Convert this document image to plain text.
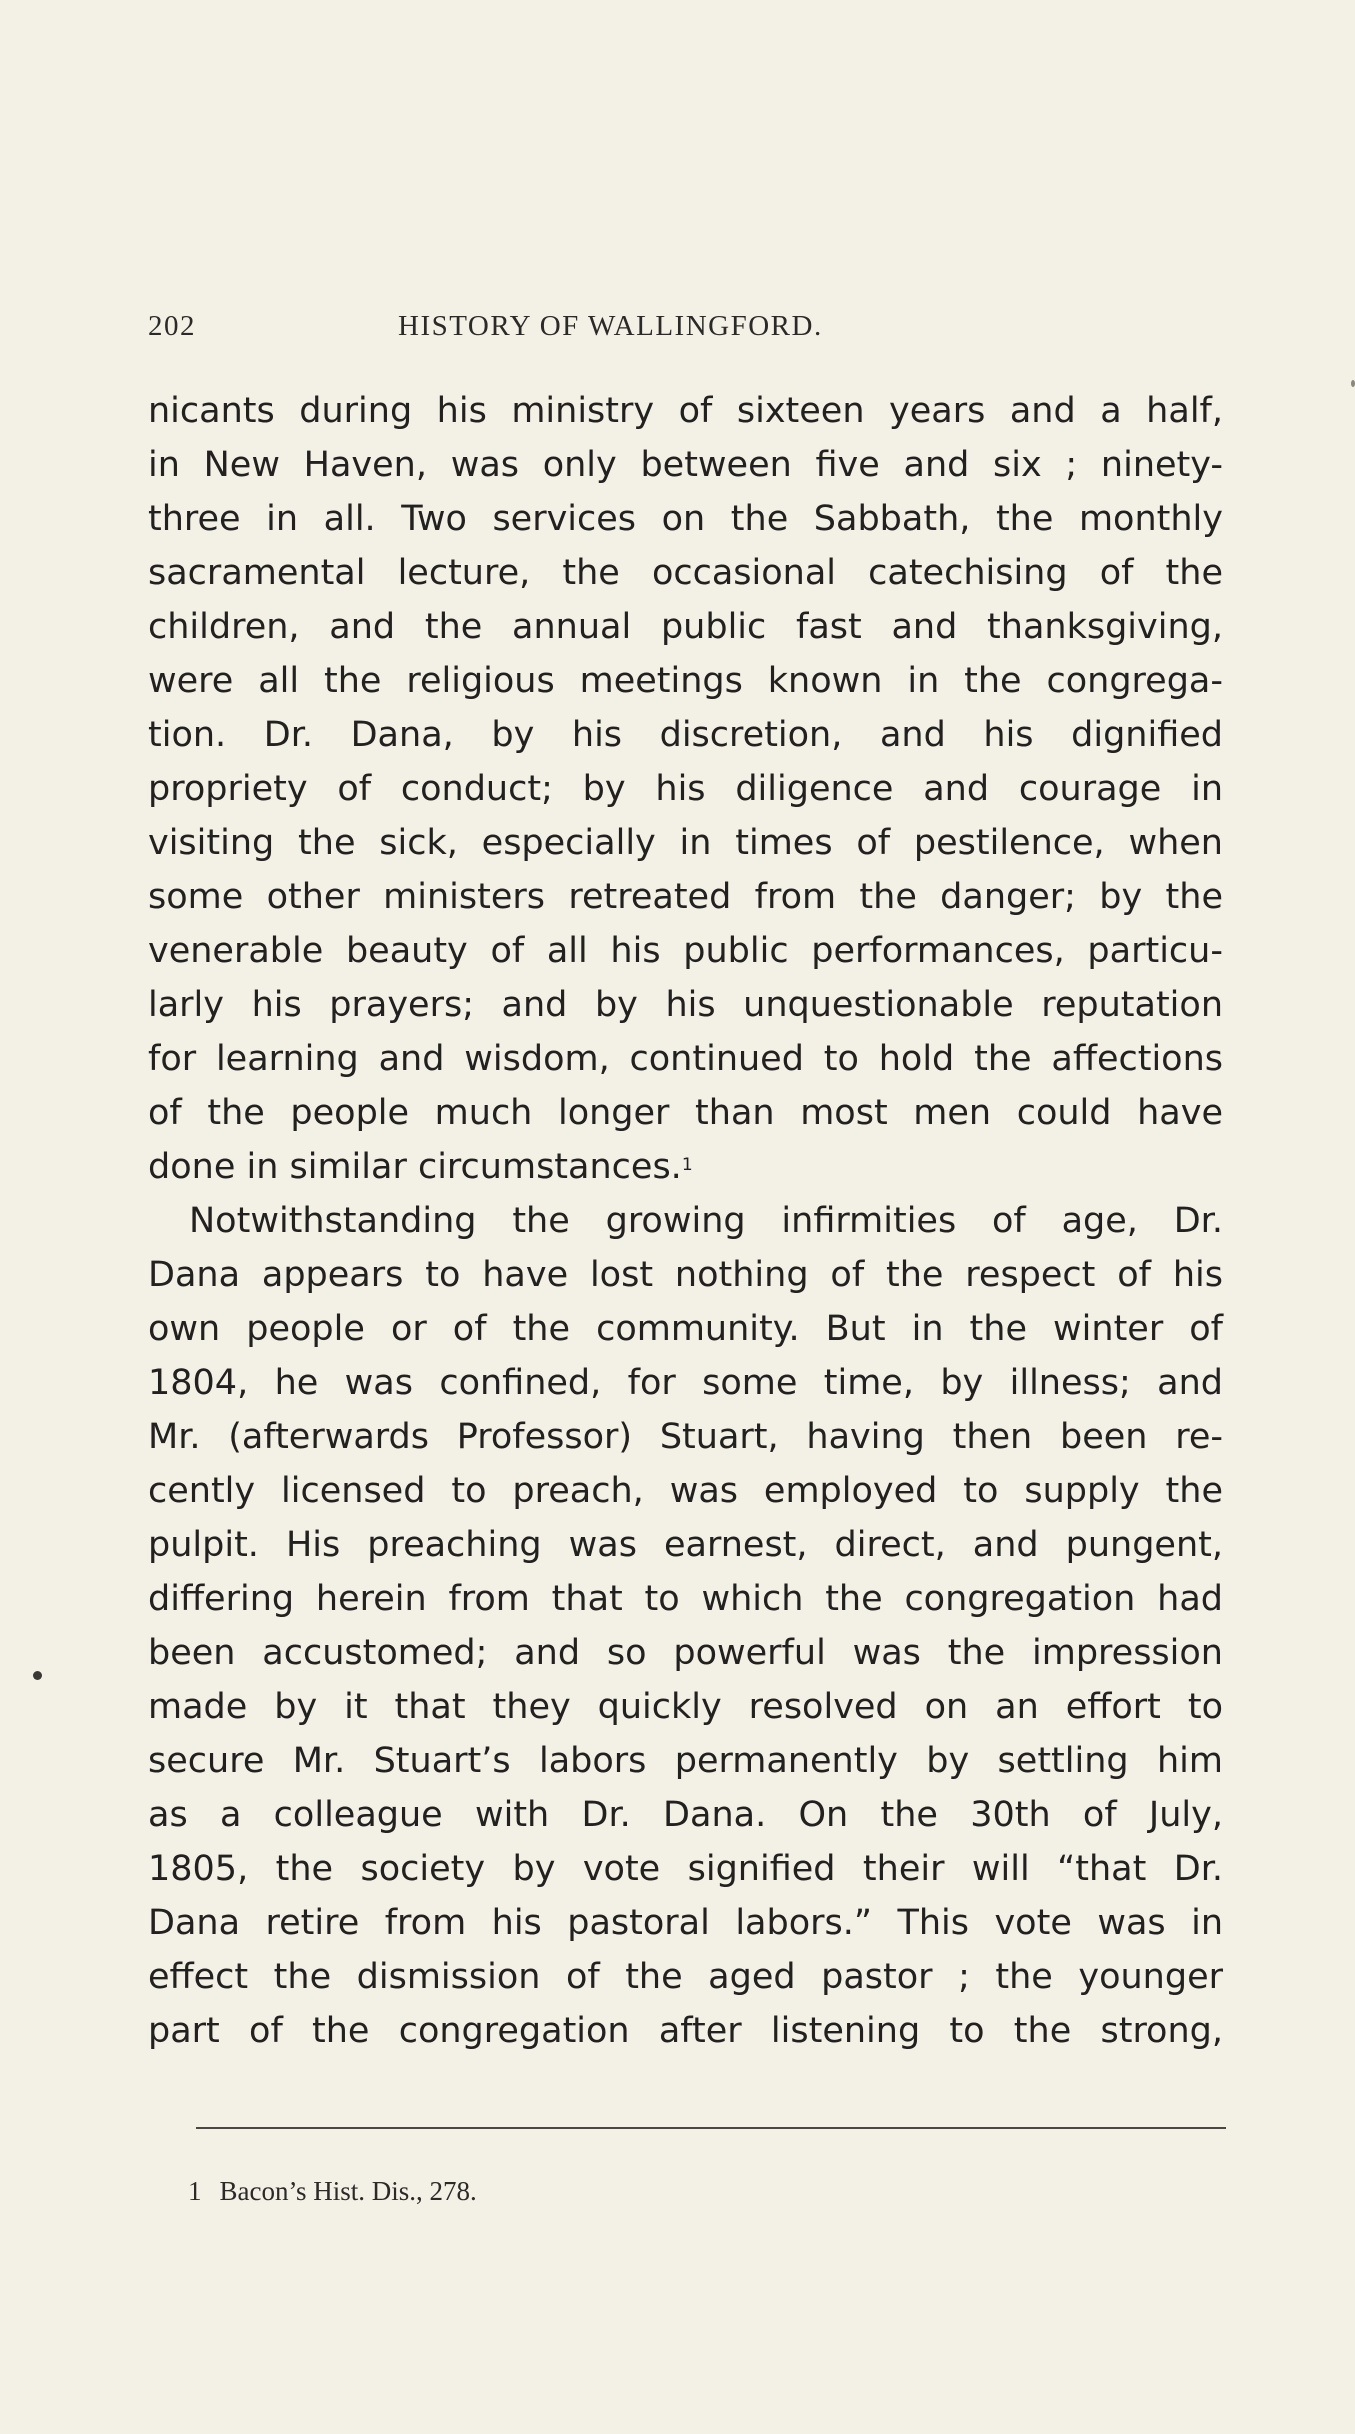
202	HISTORY OF WALLINGFORD.
nicants during his ministry of sixteen years and a half,
in New Haven, was only between five and six ; ninety-
three in all. Two services on the Sabbath, the monthly
sacramental lecture, the occasional catechising of the
children, and the annual public fast and thanksgiving,
were all the religious meetings known in the congrega-
tion. Dr. Dana, by his discretion, and his dignified
propriety of conduct; by his diligence and courage in
visiting the sick, especially in times of pestilence, when
some other ministers retreated from the danger; by the
venerable beauty of all his public performances, particu-
larly his prayers; and by his unquestionable reputation
for learning and wisdom, continued to hold the affections
of the people much longer than most men could have
done in similar circumstances.$^1$
Notwithstanding the growing infirmities of age, Dr.
Dana appears to have lost nothing of the respect of his
own people or of the community. But in the winter of
1804, he was confined, for some time, by illness; and
Mr. (afterwards Professor) Stuart, having then been re-
cently licensed to preach, was employed to supply the
pulpit. His preaching was earnest, direct, and pungent,
differing herein from that to which the congregation had
been accustomed; and so powerful was the impression
made by it that they quickly resolved on an effort to
secure Mr. Stuart’s labors permanently by settling him
as a colleague with Dr. Dana. On the 30th of July,
1805, the society by vote signified their will “that Dr.
Dana retire from his pastoral labors.” This vote was in
effect the dismission of the aged pastor ; the younger
part of the congregation after listening to the strong,
1 Bacon’s Hist. Dis., 278.
